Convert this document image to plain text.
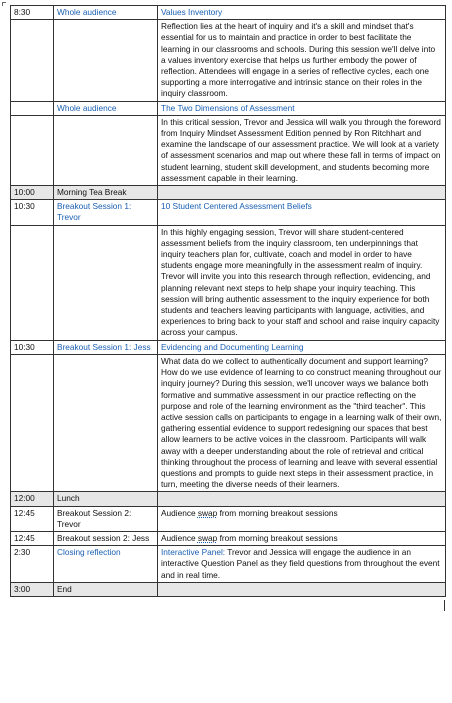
8:30	Whole audience	Values Inventory
		Reflection lies at the heart of inquiry and it's a skill and mindset that's essential for us to maintain and practice in order to best facilitate the learning in our classrooms and schools. During this session we'll delve into a values inventory exercise that helps us further embody the power of reflection. Attendees will engage in a series of reflective cycles, each one supporting a more interrogative and intrinsic stance on their roles in the inquiry classroom.
	Whole audience	The Two Dimensions of Assessment
		In this critical session, Trevor and Jessica will walk you through the foreword from Inquiry Mindset Assessment Edition penned by Ron Ritchhart and examine the landscape of our assessment practice. We will look at a variety of assessment scenarios and map out where these fall in terms of impact on student learning, student skill development, and students becoming more assessment capable in their learning.
10:00	Morning Tea Break	
10:30	Breakout Session 1: Trevor	10 Student Centered Assessment Beliefs
		In this highly engaging session, Trevor will share student-centered assessment beliefs from the inquiry classroom, ten underpinnings that inquiry teachers plan for, cultivate, coach and model in order to have students engage more meaningfully in the assessment realm of inquiry. Trevor will invite you into this research through reflection, evidencing, and planning relevant next steps to help shape your inquiry teaching. This session will bring authentic assessment to the inquiry experience for both students and teachers leaving participants with language, activities, and experiences to bring back to your staff and school and raise inquiry capacity across your campus.
10:30	Breakout Session 1: Jess	Evidencing and Documenting Learning
		What data do we collect to authentically document and support learning? How do we use evidence of learning to co construct meaning throughout our inquiry journey? During this session, we'll uncover ways we balance both formative and summative assessment in our practice reflecting on the purpose and role of the learning environment as the "third teacher". This active session calls on participants to engage in a learning walk of their own, gathering essential evidence to support redesigning our spaces that best allow learners to be active voices in the classroom. Participants will walk away with a deeper understanding about the role of retrieval and critical thinking throughout the process of learning and leave with several essential questions and prompts to guide next steps in their assessment practice, in turn, meeting the diverse needs of their learners.
12:00	Lunch	
12:45	Breakout Session 2: Trevor	Audience swap from morning breakout sessions
12:45	Breakout session 2: Jess	Audience swap from morning breakout sessions
2:30	Closing reflection	Interactive Panel: Trevor and Jessica will engage the audience in an interactive Question Panel as they field questions from throughout the event and in real time.
3:00	End	
